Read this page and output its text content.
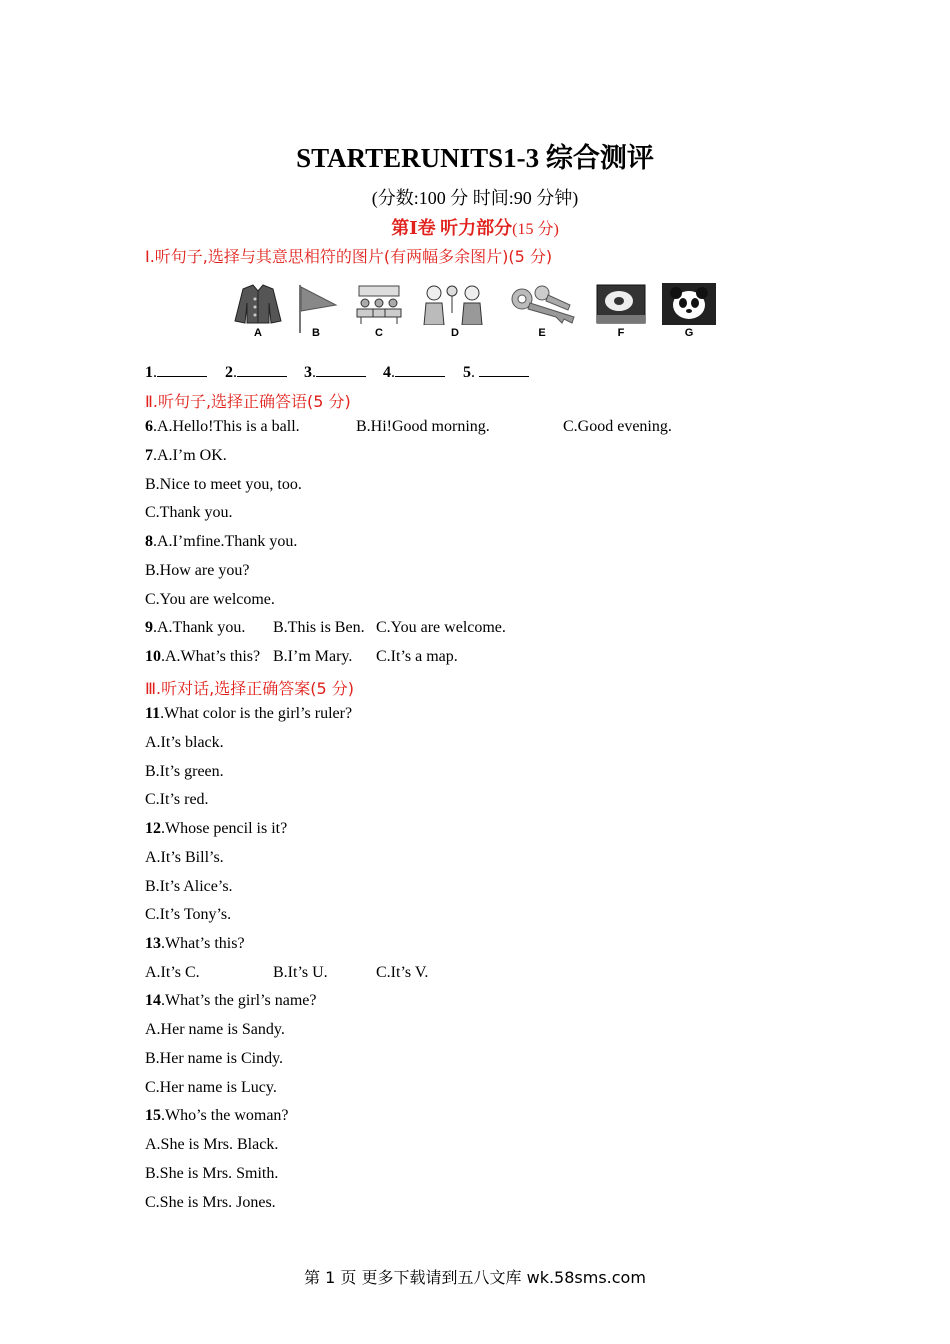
STARTERUNITS1-3 综合测评
(分数:100 分 时间:90 分钟)
第Ⅰ卷 听力部分(15 分)
Ⅰ.听句子,选择与其意思相符的图片(有两幅多余图片)(5 分)
A	B	C	D	E	F	G
1.	2.	3.	4.	5.
Ⅱ.听句子,选择正确答语(5 分)
6.A.Hello!This is a ball.	B.Hi!Good morning.	C.Good evening.
7.A.I’m OK.
B.Nice to meet you, too.
C.Thank you.
8.A.I’mfine.Thank you.
B.How are you?
C.You are welcome.
9.A.Thank you. B.This is Ben. C.You are welcome.
10.A.What’s this? B.I’m Mary. C.It’s a map.
Ⅲ.听对话,选择正确答案(5 分)
11.What color is the girl’s ruler?
A.It’s black.
B.It’s green.
C.It’s red.
12.Whose pencil is it?
A.It’s Bill’s.
B.It’s Alice’s.
C.It’s Tony’s.
13.What’s this?
A.It’s C.	B.It’s U.	C.It’s V.
14.What’s the girl’s name?
A.Her name is Sandy.
B.Her name is Cindy.
C.Her name is Lucy.
15.Who’s the woman?
A.She is Mrs. Black.
B.She is Mrs. Smith.
C.She is Mrs. Jones.
第 1 页 更多下载请到五八文库 wk.58sms.com
